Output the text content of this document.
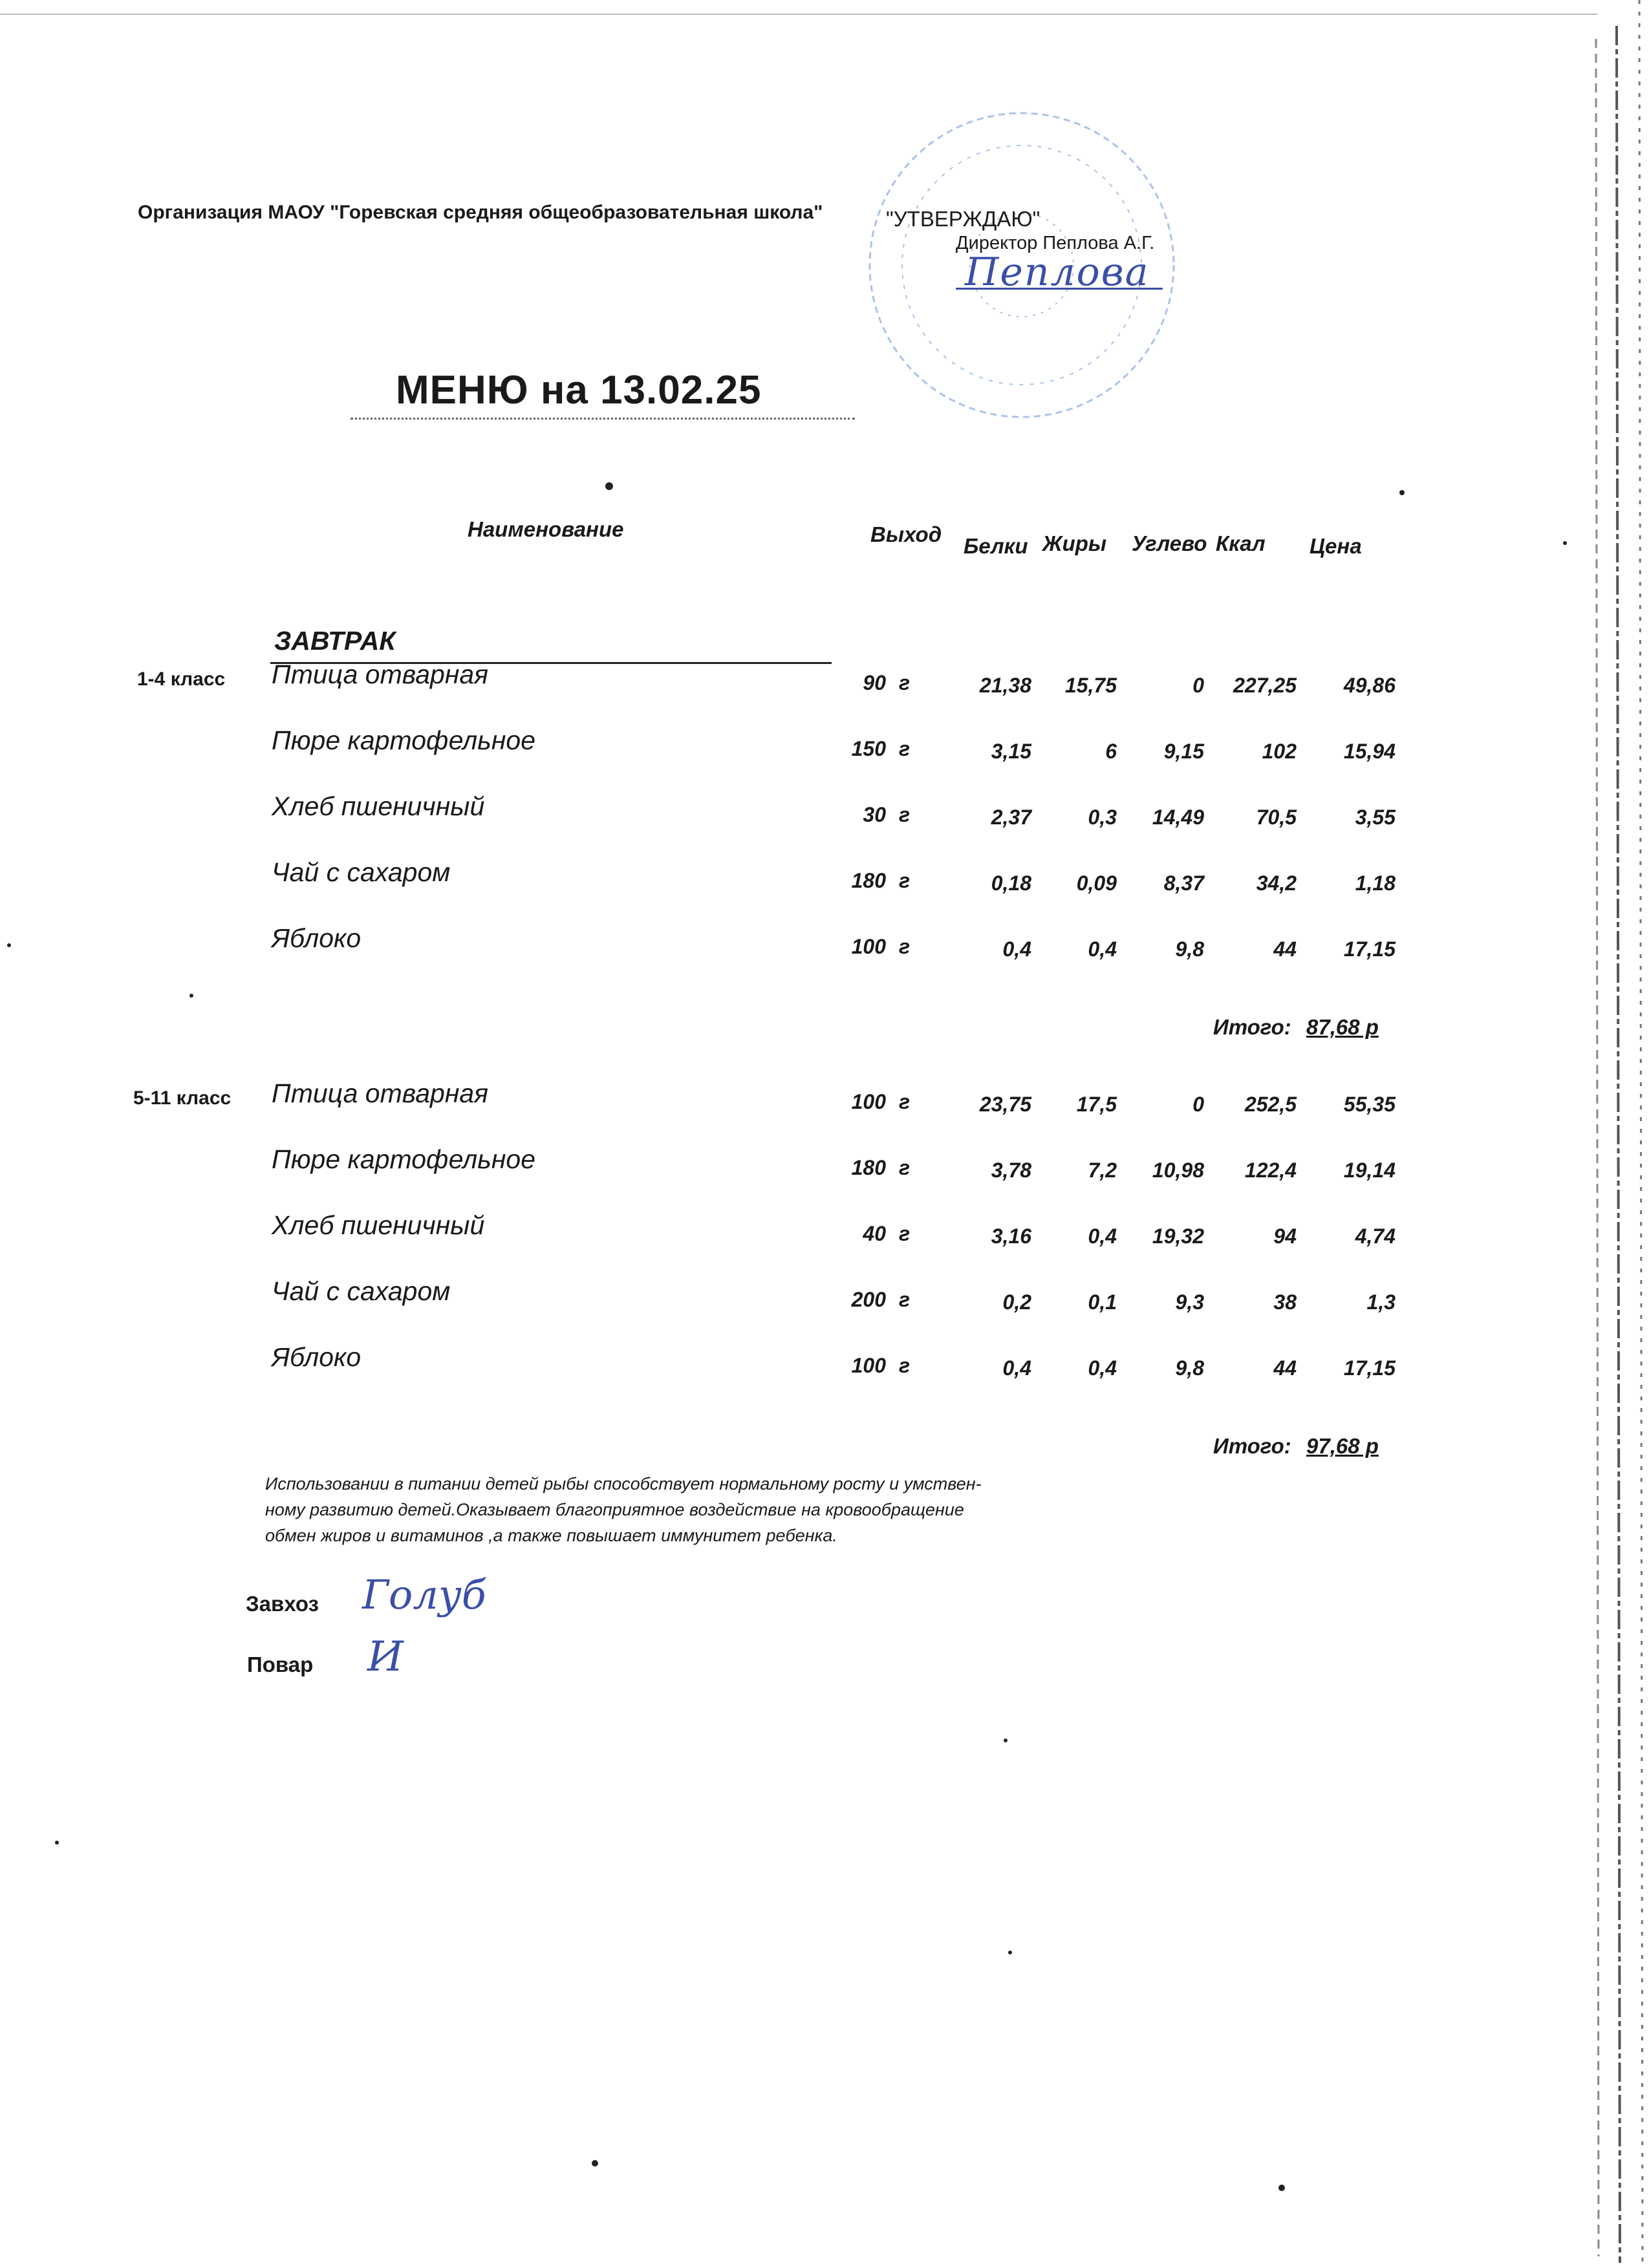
Организация МАОУ "Горевская средняя общеобразовательная школа"	"УТВЕРЖДАЮ"
Директор Пеплова А.Г.
Пеплова
МЕНЮ на 13.02.25
Наименование	Выход Белки Жиры Углево Ккал Цена
ЗАВТРАК
1-4 класс Птица отварная	90 г	21,38 15,75	0 227,25 49,86
Пюре картофельное	150 г	3,15	6 9,15	102 15,94
Хлеб пшеничный	30 г	2,37	0,3 14,49	70,5	3,55
Чай с сахаром	180 г	0,18 0,09 8,37	34,2	1,18
Яблоко	100 г	0,4	0,4	9,8	44 17,15
Итого: 87,68 р
5-11 класс Птица отварная	100 г	23,75 17,5	0 252,5 55,35
Пюре картофельное	180 г	3,78	7,2 10,98 122,4 19,14
Хлеб пшеничный	40 г	3,16	0,4 19,32	94	4,74
Чай с сахаром	200 г	0,2	0,1	9,3	38	1,3
Яблоко	100 г	0,4	0,4	9,8	44 17,15
Итого: 97,68 р
Использовании в питании детей рыбы способствует нормальному росту и умствен-
ному развитию детей.Оказывает благоприятное воздействие на кровообращение
обмен жиров и витаминов ,а также повышает иммунитет ребенка.
Завхоз Голуб
Повар И
